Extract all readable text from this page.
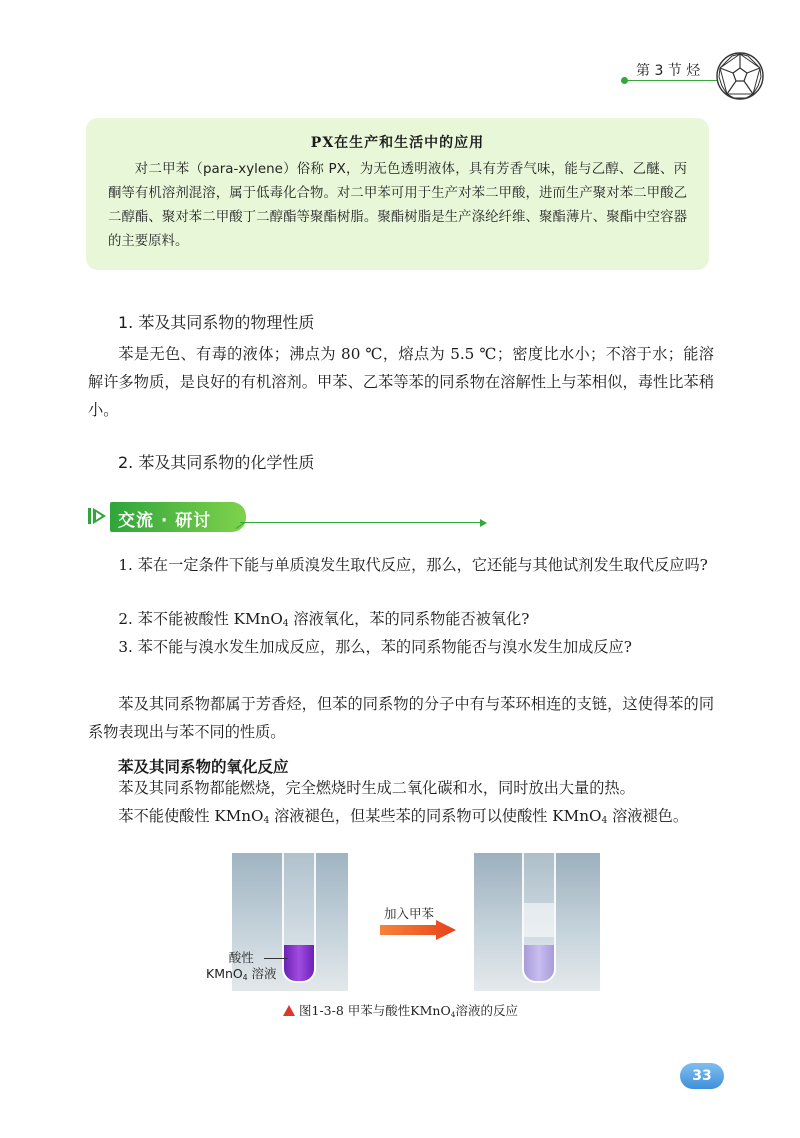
第 3 节 烃
PX在生产和生活中的应用
对二甲苯（para-xylene）俗称 PX，为无色透明液体，具有芳香气味，能与乙醇、乙醚、丙酮等有机溶剂混溶，属于低毒化合物。对二甲苯可用于生产对苯二甲酸，进而生产聚对苯二甲酸乙二醇酯、聚对苯二甲酸丁二醇酯等聚酯树脂。聚酯树脂是生产涤纶纤维、聚酯薄片、聚酯中空容器的主要原料。
1. 苯及其同系物的物理性质
苯是无色、有毒的液体；沸点为 80 ℃，熔点为 5.5 ℃；密度比水小；不溶于水；能溶解许多物质，是良好的有机溶剂。甲苯、乙苯等苯的同系物在溶解性上与苯相似，毒性比苯稍小。
2. 苯及其同系物的化学性质
交流 · 研讨
1. 苯在一定条件下能与单质溴发生取代反应，那么，它还能与其他试剂发生取代反应吗?
2. 苯不能被酸性 KMnO$_4$ 溶液氧化，苯的同系物能否被氧化?
3. 苯不能与溴水发生加成反应，那么，苯的同系物能否与溴水发生加成反应?
苯及其同系物都属于芳香烃，但苯的同系物的分子中有与苯环相连的支链，这使得苯的同系物表现出与苯不同的性质。
苯及其同系物的氧化反应
苯及其同系物都能燃烧，完全燃烧时生成二氧化碳和水，同时放出大量的热。
苯不能使酸性 KMnO$_4$ 溶液褪色，但某些苯的同系物可以使酸性 KMnO$_4$ 溶液褪色。
酸性
KMnO$_4$ 溶液
加入甲苯
图1-3-8 甲苯与酸性KMnO$_4$溶液的反应
33
